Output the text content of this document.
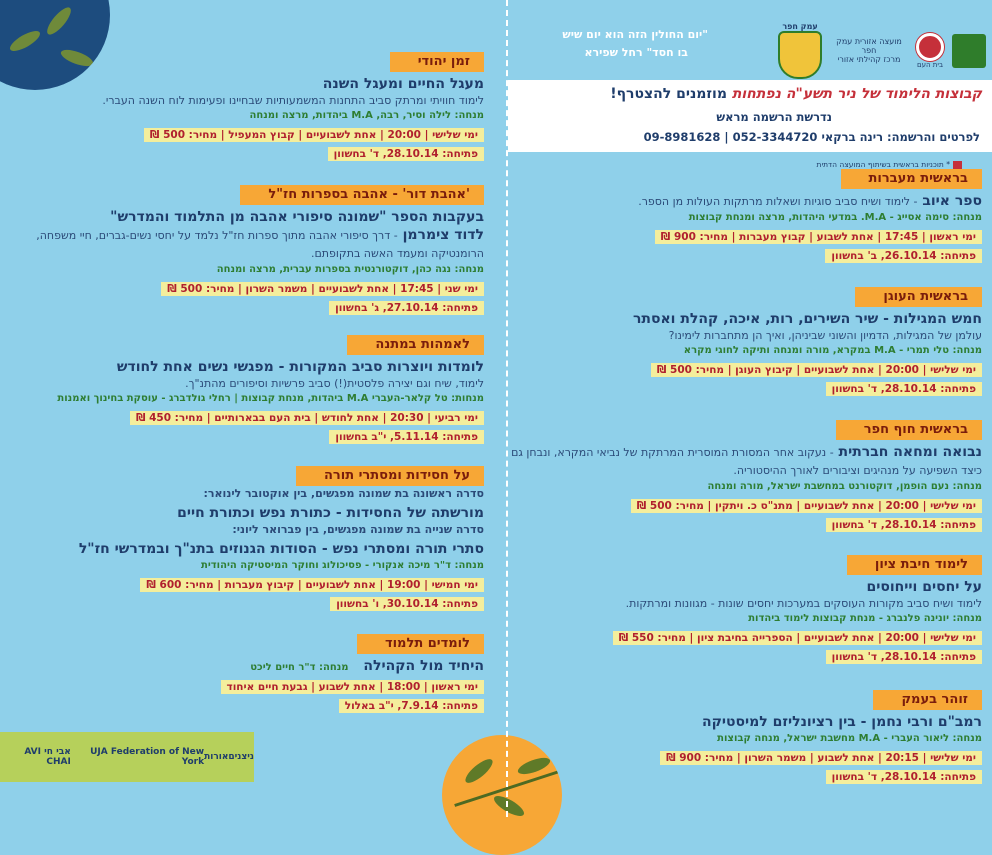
"יום החולין הזה הוא יום שיש
בו חסד" רחל שפירא
בית העם
מועצה אזורית עמק חפר
מרכז קהילתי אזורי
עמק חפר
קבוצות הלימוד של ניר תשע"ה נפתחות מוזמנים להצטרף!
נדרשת הרשמה מראש
לפרטים והרשמה: רינה ברקאי 052-3344720 | 09-8981628
* תוכניות בראשית בשיתוף המועצה הדתית
בראשית מעברות
ספר איוב - לימוד ושיח סביב סוגיות ושאלות מרתקות העולות מן הספר.
מנחה: סימה אסייג - M.A. במדעי היהדות, מרצה ומנחת קבוצות
ימי ראשון | 17:45 | אחת לשבוע | קבוץ מעברות | מחיר: 900 ₪
פתיחה: 26.10.14, ב' בחשוון
בראשית העוגן
חמש המגילות - שיר השירים, רות, איכה, קהלת ואסתר
עולמן של המגילות, הדמיון והשוני שביניהן, ואיך הן מתחברות לימינו?
מנחה: טלי תמרי - M.A במקרא, מורה ומנחה ותיקה לחוגי מקרא
ימי שלישי | 20:00 | אחת לשבועיים | קיבוץ העוגן | מחיר: 500 ₪
פתיחה: 28.10.14, ד' בחשוון
בראשית חוף חפר
נבואה ומחאה חברתית - נעקוב אחר המסורת המוסרית המרתקת של נביאי המקרא, ונבחן גם כיצד השפיעה על מנהיגים וציבורים לאורך ההיסטוריה.
מנחה: נעם הופמן, דוקטורנט במחשבת ישראל, מורה ומנחה
ימי שלישי | 20:00 | אחת לשבועיים | מתנ"ס כ. ויתקין | מחיר: 500 ₪
פתיחה: 28.10.14, ד' בחשוון
לימוד חיבת ציון
על יחסים וייחוסים
לימוד ושיח סביב מקורות העוסקים במערכות יחסים שונות - מגוונות ומרתקות.
מנחה: יונינה פלנברג - מנחת קבוצות לימוד ביהדות
ימי שלישי | 20:00 | אחת לשבועיים | הספרייה בחיבת ציון | מחיר: 550 ₪
פתיחה: 28.10.14, ד' בחשוון
זוהר בעמק
רמב"ם ורבי נחמן - בין רציונליזם למיסטיקה
מנחה: ליאור העברי - M.A מחשבת ישראל, מנחה קבוצות
ימי שלישי | 20:15 | אחת לשבוע | משמר השרון | מחיר: 900 ₪
פתיחה: 28.10.14, ד' בחשוון
זמן יהודי
מעגל החיים ומעגל השנה
לימוד חוויתי ומרתק סביב התחנות המשמעותיות שבחיינו ופעימות לוח השנה העברי.
מנחה: לילה וסיר, רבה, M.A ביהדות, מרצה ומנחה
ימי שלישי | 20:00 | אחת לשבועיים | קבוץ המעפיל | מחיר: 500 ₪
פתיחה: 28.10.14, ד' בחשוון
'אהבת דור' - אהבה בספרות חז"ל
בעקבות הספר "שמונה סיפורי אהבה מן התלמוד והמדרש"
לדוד צימרמן - דרך סיפורי אהבה מתוך ספרות חז"ל נלמד על יחסי נשים-גברים, חיי משפחה, הרומנטיקה ומעמד האשה בתקופתם.
מנחה: נגה כהן, דוקטורנטית בספרות עברית, מרצה ומנחה
ימי שני | 17:45 | אחת לשבועיים | משמר השרון | מחיר: 500 ₪
פתיחה: 27.10.14, ג' בחשוון
לאמהות במתנה
לומדות ויוצרות סביב המקורות - מפגשי נשים אחת לחודש
לימוד, שיח וגם יצירה פלסטית(!) סביב פרשיות וסיפורים מהתנ"ך.
מנחות: טל קלאר-העברי M.A ביהדות, מנחת קבוצות | רחלי גולדברג - עוסקת בחינוך ואמנות
ימי רביעי | 20:30 | אחת לחודש | בית העם בבארותיים | מחיר: 450 ₪
פתיחה: 5.11.14, י"ב בחשוון
על חסידות ומסתרי תורה
סדרה ראשונה בת שמונה מפגשים, בין אוקטובר לינואר:
מורשתה של החסידות - כתורת נפש וכתורת חיים
סדרה שנייה בת שמונה מפגשים, בין פברואר ליוני:
סתרי תורה ומסתרי נפש - הסודות הגנוזים בתנ"ך ובמדרשי חז"ל
מנחה: ד"ר מיכה אנקורי - פסיכולוג וחוקר המיסטיקה היהודית
ימי חמישי | 19:00 | אחת לשבועיים | קיבוץ מעברות | מחיר: 600 ₪
פתיחה: 30.10.14, ו' בחשוון
לומדים תלמוד
היחיד מול הקהילה מנחה: ד"ר חיים ליכט
ימי ראשון | 18:00 | אחת לשבוע | גבעת חיים איחוד
פתיחה: 7.9.14, י"ב באלול
אבי חי AVI CHAI
UJA Federation of New York אורות ניצנים
